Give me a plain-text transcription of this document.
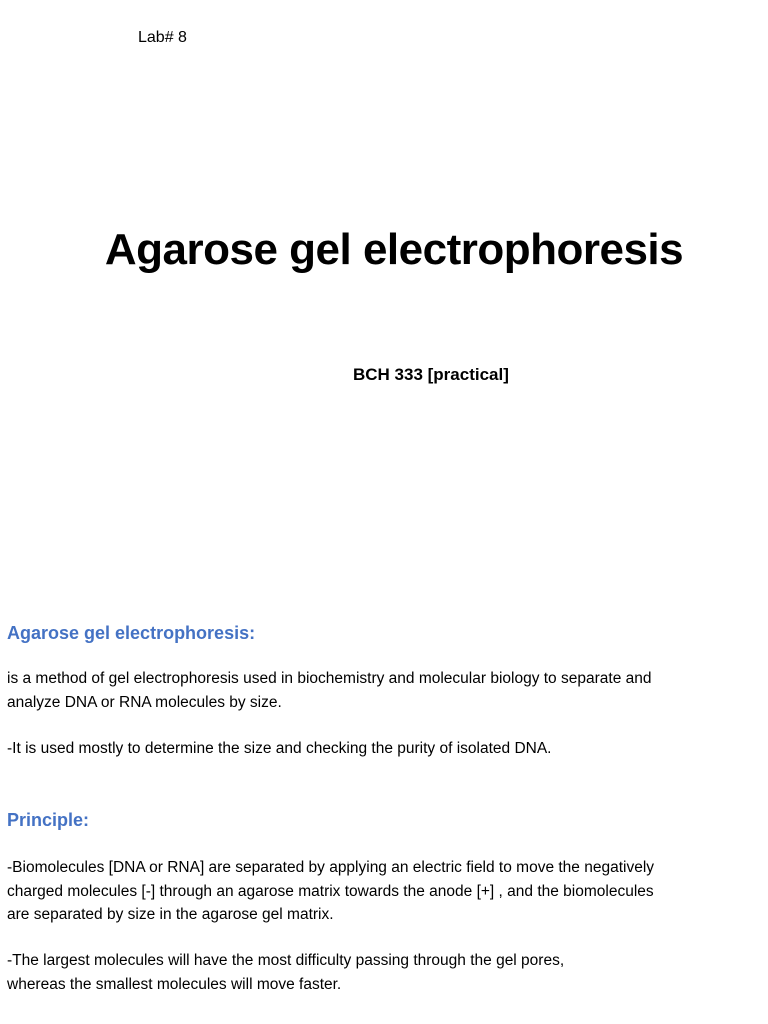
Lab# 8
Agarose gel electrophoresis
BCH 333 [practical]
Agarose gel electrophoresis:

is a method of gel electrophoresis used in biochemistry and molecular biology to separate and
analyze DNA or RNA molecules by size.

-It is used mostly to determine the size and checking the purity of isolated DNA.

Principle:

-Biomolecules [DNA or RNA] are separated by applying an electric field to move the negatively
charged molecules [-] through an agarose matrix towards the anode [+] , and the biomolecules
are separated by size in the agarose gel matrix.

-The largest molecules will have the most difficulty passing through the gel pores,
whereas the smallest molecules will move faster.
